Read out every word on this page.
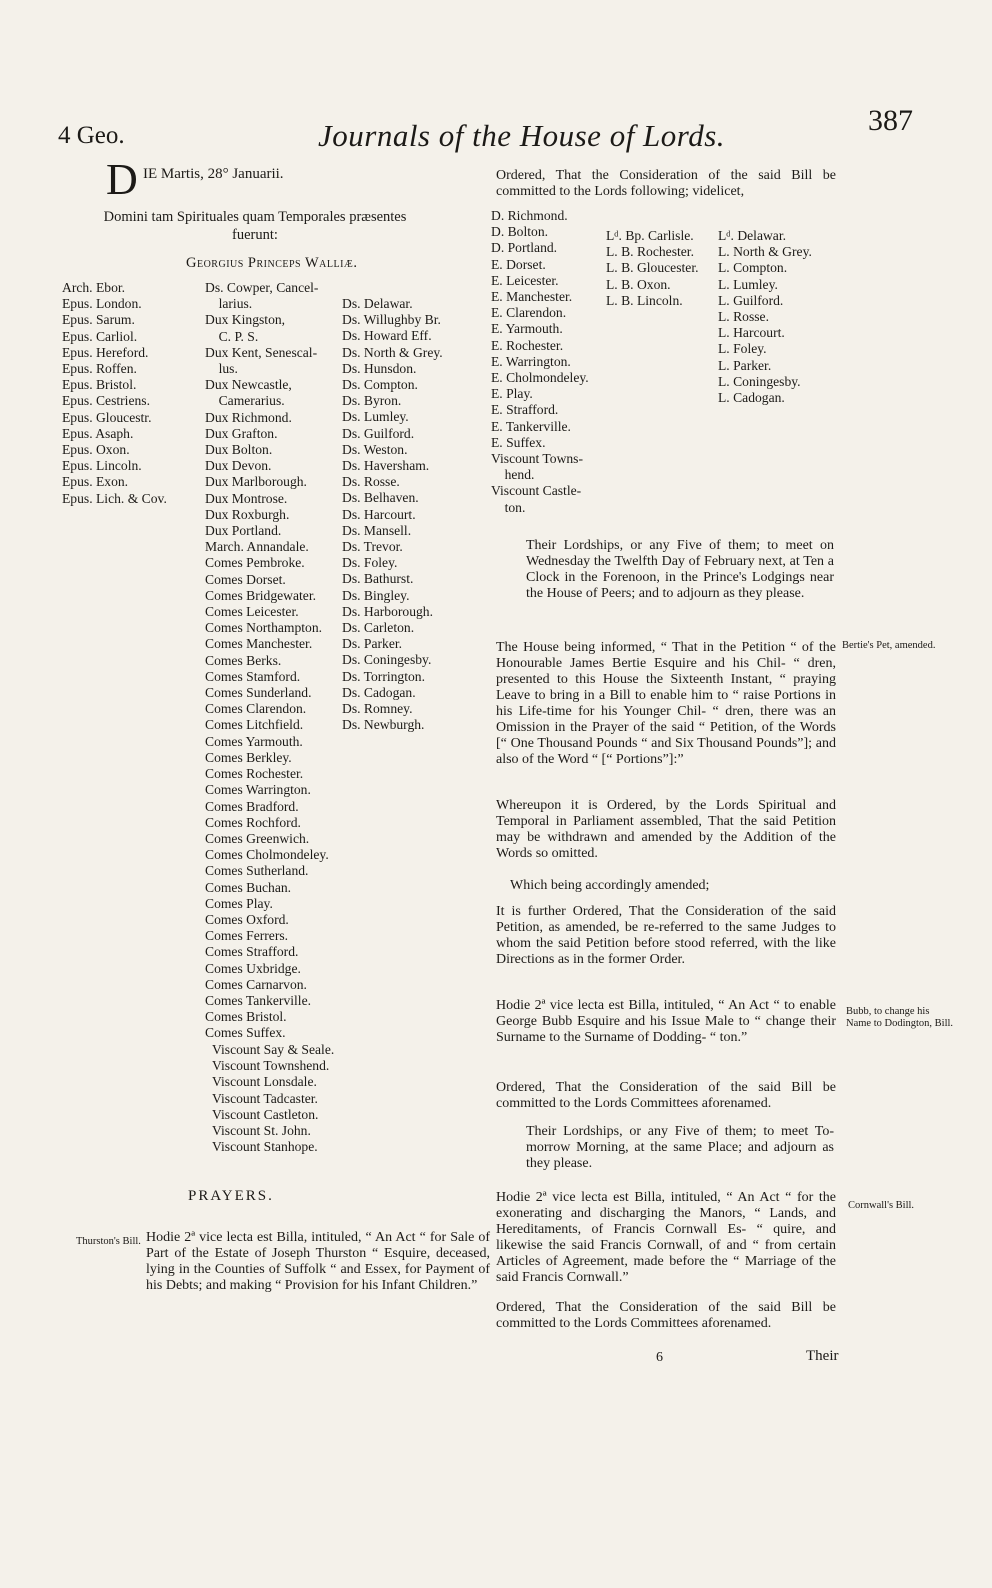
4 Geo.	Journals of the House of Lords.	387
D IE Martis, 28° Januarii.
Domini tam Spirituales quam Temporales præsentes fuerunt:
Georgius Princeps Walliæ.
Arch. Ebor.
Epus. London.
Epus. Sarum.
Epus. Carliol.
Epus. Hereford.
Epus. Roffen.
Epus. Bristol.
Epus. Cestriens.
Epus. Gloucestr.
Epus. Asaph.
Epus. Oxon.
Epus. Lincoln.
Epus. Exon.
Epus. Lich. & Cov.
Ds. Cowper, Cancel-
larius.
Dux Kingston,
C. P. S.
Dux Kent, Senescal-
lus.
Dux Newcastle,
Camerarius.
Dux Richmond.
Dux Grafton.
Dux Bolton.
Dux Devon.
Dux Marlborough.
Dux Montrose.
Dux Roxburgh.
Dux Portland.
March. Annandale.
Comes Pembroke.
Comes Dorset.
Comes Bridgewater.
Comes Leicester.
Comes Northampton.
Comes Manchester.
Comes Berks.
Comes Stamford.
Comes Sunderland.
Comes Clarendon.
Comes Litchfield.
Comes Yarmouth.
Comes Berkley.
Comes Rochester.
Comes Warrington.
Comes Bradford.
Comes Rochford.
Comes Greenwich.
Comes Cholmondeley.
Comes Sutherland.
Comes Buchan.
Comes Play.
Comes Oxford.
Comes Ferrers.
Comes Strafford.
Comes Uxbridge.
Comes Carnarvon.
Comes Tankerville.
Comes Bristol.
Comes Suffex.
Ds. Delawar.
Ds. Willughby Br.
Ds. Howard Eff.
Ds. North & Grey.
Ds. Hunsdon.
Ds. Compton.
Ds. Byron.
Ds. Lumley.
Ds. Guilford.
Ds. Weston.
Ds. Haversham.
Ds. Rosse.
Ds. Belhaven.
Ds. Harcourt.
Ds. Mansell.
Ds. Trevor.
Ds. Foley.
Ds. Bathurst.
Ds. Bingley.
Ds. Harborough.
Ds. Carleton.
Ds. Parker.
Ds. Coningesby.
Ds. Torrington.
Ds. Cadogan.
Ds. Romney.
Ds. Newburgh.
Viscount Say & Seale.
Viscount Townshend.
Viscount Lonsdale.
Viscount Tadcaster.
Viscount Castleton.
Viscount St. John.
Viscount Stanhope.
PRAYERS.
Thurston's Bill.
Bertie's Pet, amended.
Bubb, to change his Name to Dodington, Bill.
Cornwall's Bill.
Hodie 2ª vice lecta est Billa, intituled, “ An Act “ for Sale of Part of the Estate of Joseph Thurston “ Esquire, deceased, lying in the Counties of Suffolk “ and Essex, for Payment of his Debts; and making “ Provision for his Infant Children.”
Ordered, That the Consideration of the said Bill be committed to the Lords following; videlicet,
D. Richmond.
D. Bolton.
D. Portland.
E. Dorset.
E. Leicester.
E. Manchester.
E. Clarendon.
E. Yarmouth.
E. Rochester.
E. Warrington.
E. Cholmondeley.
E. Play.
E. Strafford.
E. Tankerville.
E. Suffex.
Viscount Towns-
hend.
Viscount Castle-
ton.
Lᵈ. Bp. Carlisle.
L. B. Rochester.
L. B. Gloucester.
L. B. Oxon.
L. B. Lincoln.
Lᵈ. Delawar.
L. North & Grey.
L. Compton.
L. Lumley.
L. Guilford.
L. Rosse.
L. Harcourt.
L. Foley.
L. Parker.
L. Coningesby.
L. Cadogan.
Their Lordships, or any Five of them; to meet on Wednesday the Twelfth Day of February next, at Ten a Clock in the Forenoon, in the Prince's Lodgings near the House of Peers; and to adjourn as they please.
The House being informed, “ That in the Petition “ of the Honourable James Bertie Esquire and his Chil- “ dren, presented to this House the Sixteenth Instant, “ praying Leave to bring in a Bill to enable him to “ raise Portions in his Life-time for his Younger Chil- “ dren, there was an Omission in the Prayer of the said “ Petition, of the Words [“ One Thousand Pounds “ and Six Thousand Pounds”]; and also of the Word “ [“ Portions”]:”
Whereupon it is Ordered, by the Lords Spiritual and Temporal in Parliament assembled, That the said Petition may be withdrawn and amended by the Addition of the Words so omitted.
Which being accordingly amended;
It is further Ordered, That the Consideration of the said Petition, as amended, be re-referred to the same Judges to whom the said Petition before stood referred, with the like Directions as in the former Order.
Hodie 2ª vice lecta est Billa, intituled, “ An Act “ to enable George Bubb Esquire and his Issue Male to “ change their Surname to the Surname of Dodding- “ ton.”
Ordered, That the Consideration of the said Bill be committed to the Lords Committees aforenamed.
Their Lordships, or any Five of them; to meet To-morrow Morning, at the same Place; and adjourn as they please.
Hodie 2ª vice lecta est Billa, intituled, “ An Act “ for the exonerating and discharging the Manors, “ Lands, and Hereditaments, of Francis Cornwall Es- “ quire, and likewise the said Francis Cornwall, of and “ from certain Articles of Agreement, made before the “ Marriage of the said Francis Cornwall.”
Ordered, That the Consideration of the said Bill be committed to the Lords Committees aforenamed.
6	Their
